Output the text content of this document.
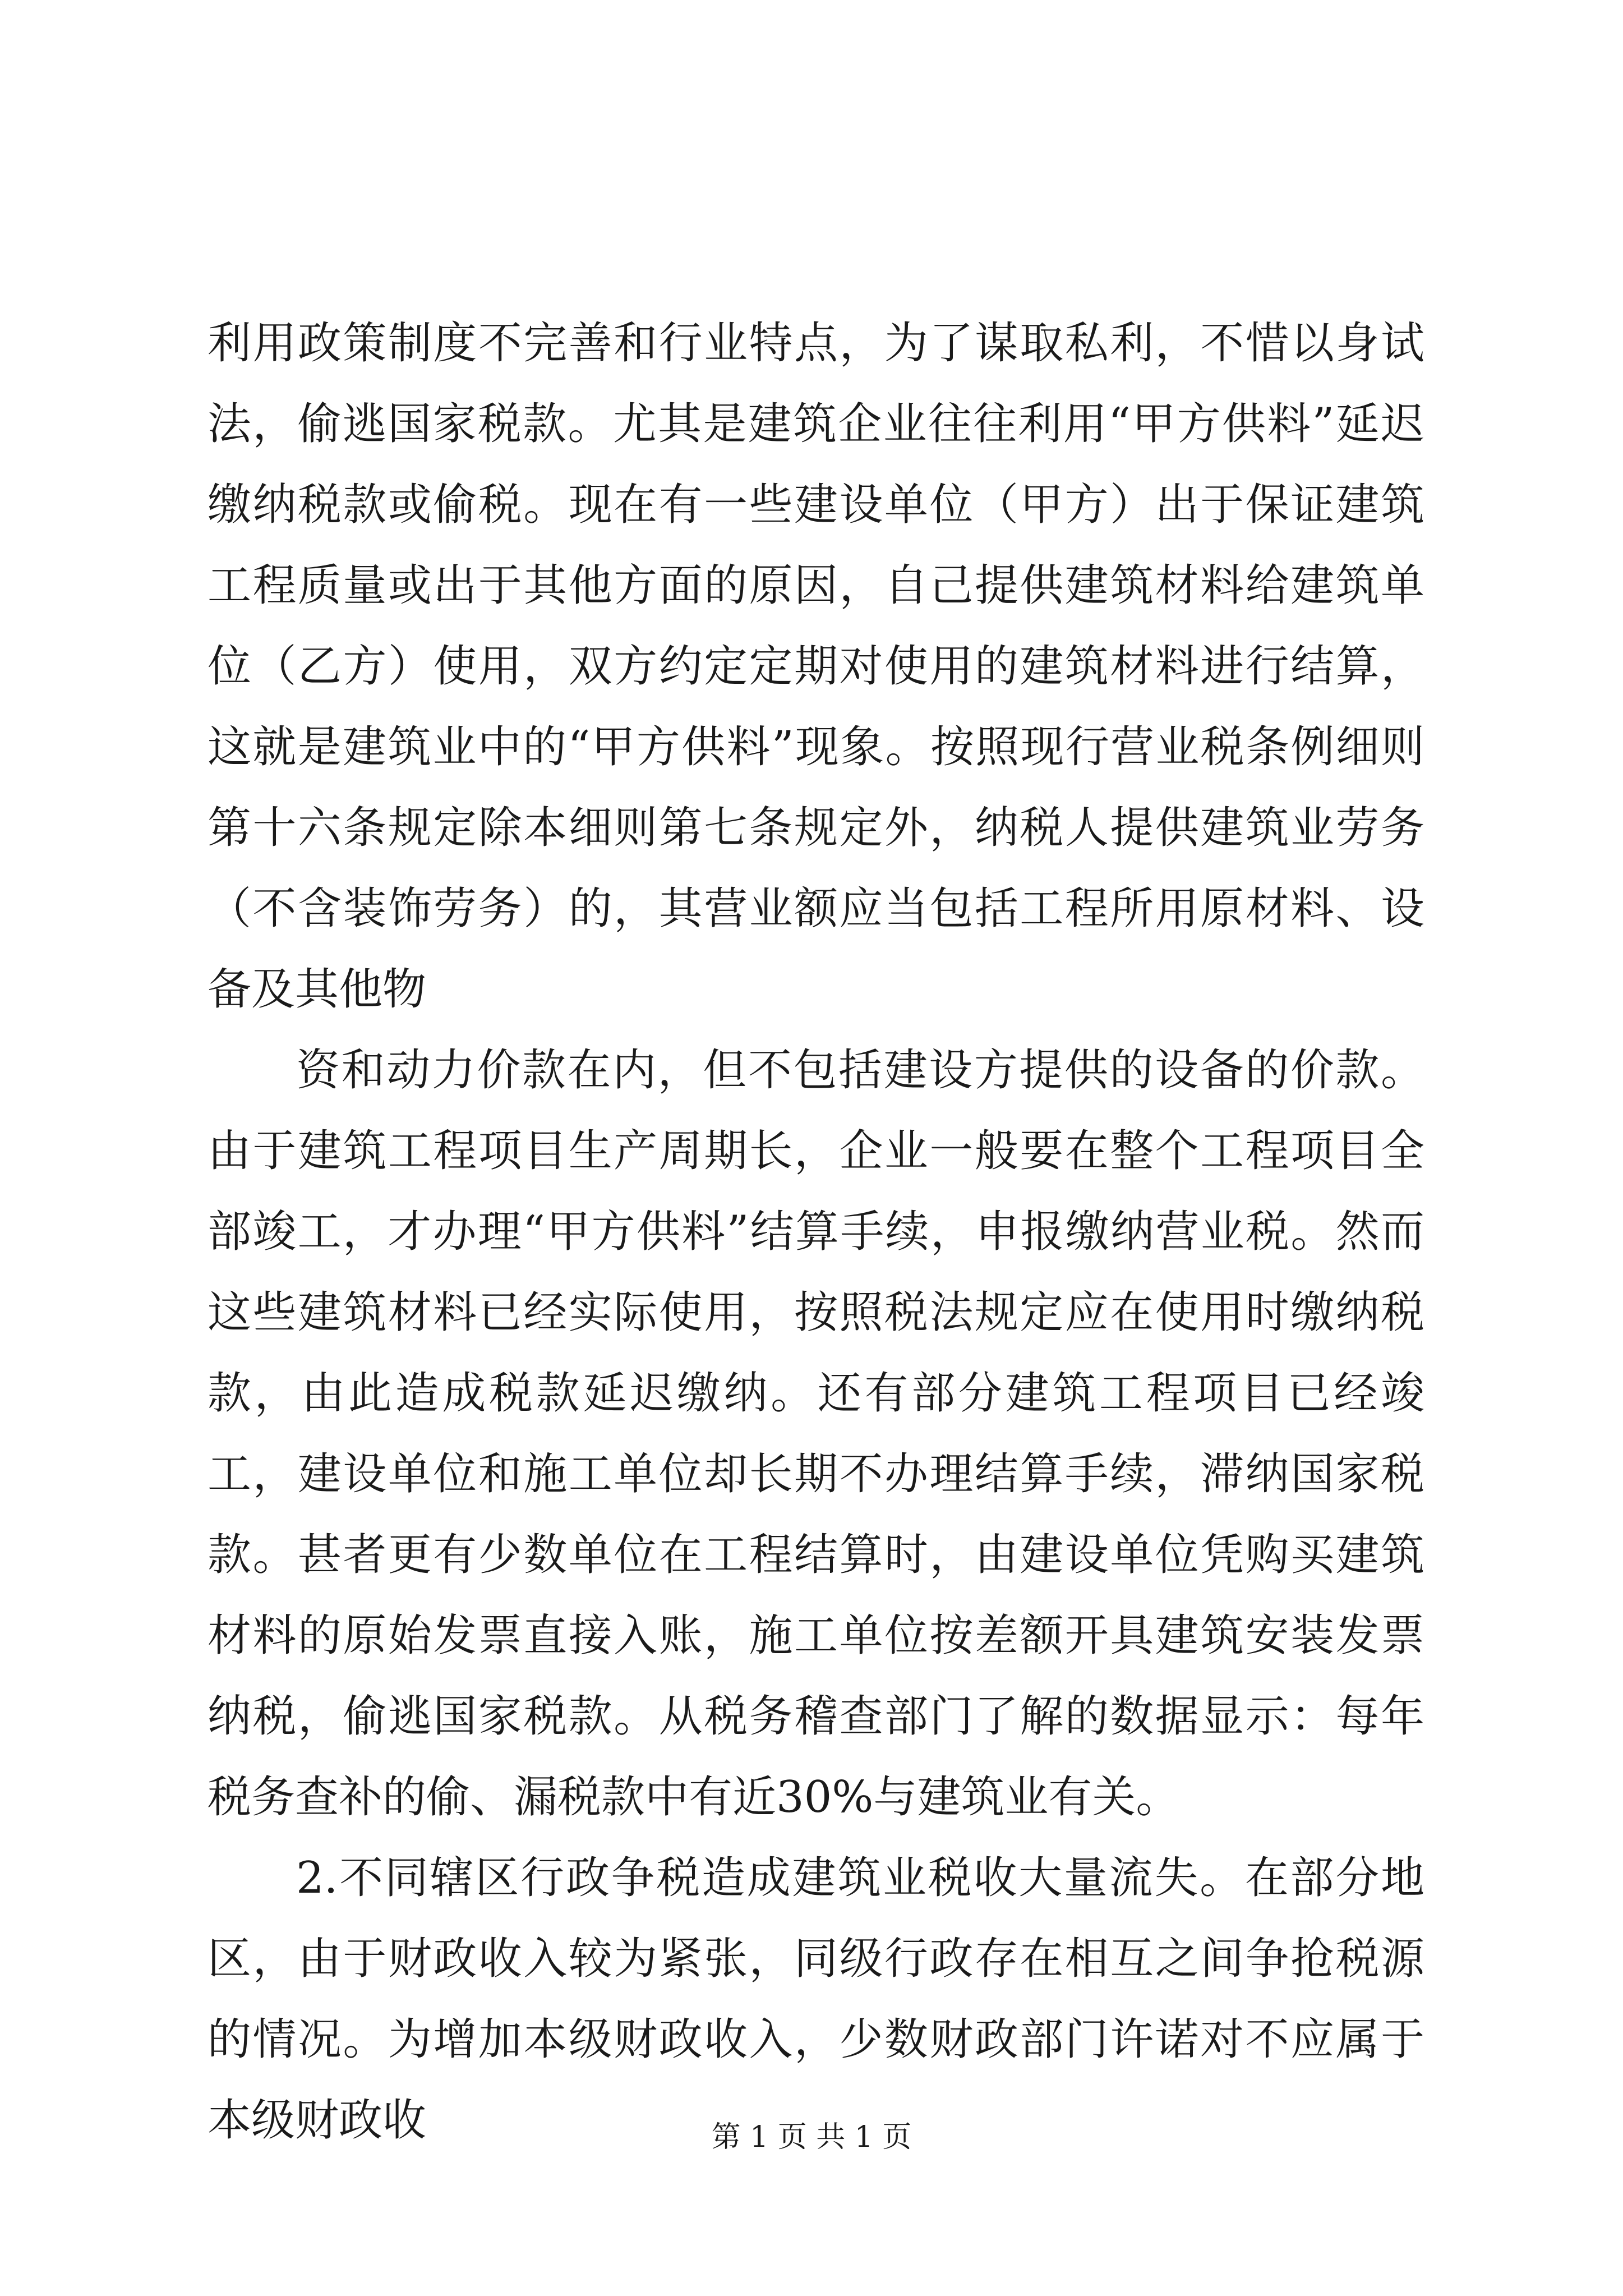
利用政策制度不完善和行业特点，为了谋取私利，不惜以身试法，偷逃国家税款。尤其是建筑企业往往利用“甲方供料”延迟缴纳税款或偷税。现在有一些建设单位（甲方）出于保证建筑工程质量或出于其他方面的原因，自己提供建筑材料给建筑单位（乙方）使用，双方约定定期对使用的建筑材料进行结算，这就是建筑业中的“甲方供料”现象。按照现行营业税条例细则第十六条规定除本细则第七条规定外，纳税人提供建筑业劳务（不含装饰劳务）的，其营业额应当包括工程所用原材料、设备及其他物

资和动力价款在内，但不包括建设方提供的设备的价款。由于建筑工程项目生产周期长，企业一般要在整个工程项目全部竣工，才办理“甲方供料”结算手续，申报缴纳营业税。然而这些建筑材料已经实际使用，按照税法规定应在使用时缴纳税款，由此造成税款延迟缴纳。还有部分建筑工程项目已经竣工，建设单位和施工单位却长期不办理结算手续，滞纳国家税款。甚者更有少数单位在工程结算时，由建设单位凭购买建筑材料的原始发票直接入账，施工单位按差额开具建筑安装发票纳税，偷逃国家税款。从税务稽查部门了解的数据显示：每年税务查补的偷、漏税款中有近30%与建筑业有关。

2.不同辖区行政争税造成建筑业税收大量流失。在部分地区，由于财政收入较为紧张，同级行政存在相互之间争抢税源的情况。为增加本级财政收入，少数财政部门许诺对不应属于本级财政收	第 1 页 共 1 页
